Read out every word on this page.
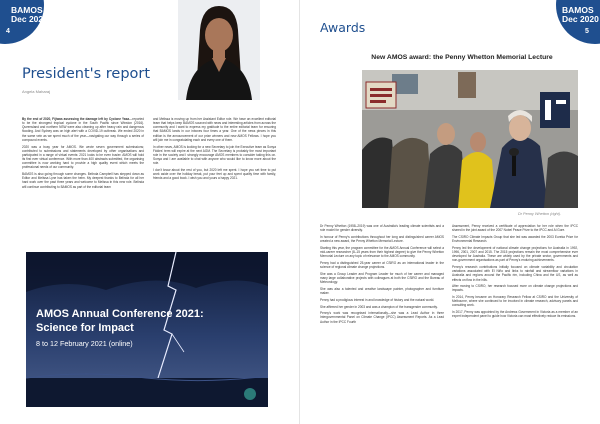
BAMOS
Dec 2020
4
President's report
Angela Maharaj

By the end of 2020, Fijiwas assessing the damage left by Cyclone Yasa—reported to be the strongest tropical cyclone in the South Pacific since Winston (2016). Queensland and northern NSW were also cleaning up after heavy rain and dangerous flooding. And Sydney was on high alert with a COVID-19 outbreak. We ended 2020 in the same vein as we spent much of the year—navigating our way through a series of compound events.

2020 was a busy year for AMOS. We wrote seven government submissions; contributed to submissions and statements developed by other organisations and participated in a range of virtual events: 2021 looks to be even busier. AMOS will hold its first ever virtual conference. With more than 400 abstracts submitted, the organising committee is now working hard to provide a high quality event which meets the professional needs of our community.

BAMOS is also going through some changes. Belinda Campbell has stepped down as Editor and Melissa Lyne has taken the helm. My deepest thanks to Belinda for all her hard work over the past three years and welcome to Melissa in this new role. Belinda will continue contributing to BAMOS as part of the editorial team

and Melissa is moving up from her Assistant Editor role. We have an excellent editorial team that helps keep BAMOS sourced with news and interesting articles from across the community and I want to express my gratitude to the entire editorial team for ensuring that BAMOS lands in our inboxes four times a year. One of the news pieces in this edition is the announcement of our prize winners and new AMOS Fellows. I hope you will join me in congratulating each and every one of them.

In other news, AMOS is looking for a new Secretary to join the Executive team as Sonya Fiddes' term will expire at the next AGM. The Secretary is probably the most important role in the society and I strongly encourage AMOS members to consider taking this on. Sonya and I are available to chat with anyone who would like to know more about the role.

I don't know about the rest of you, but 2020 left me spent. I hope you set time to put work aside over the holiday break, put your feet up and spent quality time with family, friends and a good book. I wish you and yours a happy 2021.

AMOS Annual Conference 2021:
Science for Impact
8 to 12 February 2021 (online)
BAMOS
Dec 2020
5
Awards
New AMOS award: the Penny Whetton Memorial Lecture
Dr Penny Whetton (right).

Dr Penny Whetton (1958–2019) was one of Australia's leading climate scientists and a role model for gender diversity.

In honour of Penny's contributions throughout her long and distinguished career AMOS created a new award, the Penny Whetton Memorial Lecture.

Starting this year, the program committee for the AMOS Annual Conference will select a mid-career researcher (8–15 years from their highest degree) to give the Penny Whetton Memorial Lecture on any topic of relevance to the AMOS community.

Penny had a distinguished 25-year career at CSIRO as an international leader in the science of regional climate change projections.

She was a Group Leader and Program Leader for much of her career and managed many large collaborative projects with colleagues at both the CSIRO and the Bureau of Meteorology.

She was also a talented and creative landscape painter, photographer and furniture maker.

Penny had a prodigious interest in and knowledge of history and the natural world.

She affirmed her gender in 2003 and was a champion of the transgender community.

Penny's work was recognised internationally—she was a Lead Author in three Intergovernmental Panel on Climate Change (IPCC) Assessment Reports. As a Lead Author in the IPCC Fourth

Assessment, Penny received a certificate of appreciation for her role when the IPCC shared in the joint award of the 2007 Nobel Peace Prize to the IPCC and Al Gore.

The CSIRO Climate Impacts Group that she led was awarded the 2003 Eureka Prize for Environmental Research.

Penny led the development of national climate change projections for Australia in 1992, 1996, 2001, 2007 and 2015. The 2015 projections remain the most comprehensive ever developed for Australia. These are widely used by the private sector, governments and non-government organisations as part of Penny's enduring achievements.

Penny's research contributions initially focused on climate variability and circulation variations associated with El Niño and links to rainfall and streamflow variations in Australia and regions around the Pacific rim, including China and the US, as well as effects on flow in the hills.

After moving to CSIRO, her research focused more on climate change projections and impacts.

In 2014, Penny became an Honorary Research Fellow at CSIRO and the University of Melbourne, where she continued to be involved in climate research, advisory panels and consulting work.

In 2017, Penny was appointed by the Andrews Government in Victoria as a member of an expert independent panel to guide how Victoria can most effectively reduce its emissions.
